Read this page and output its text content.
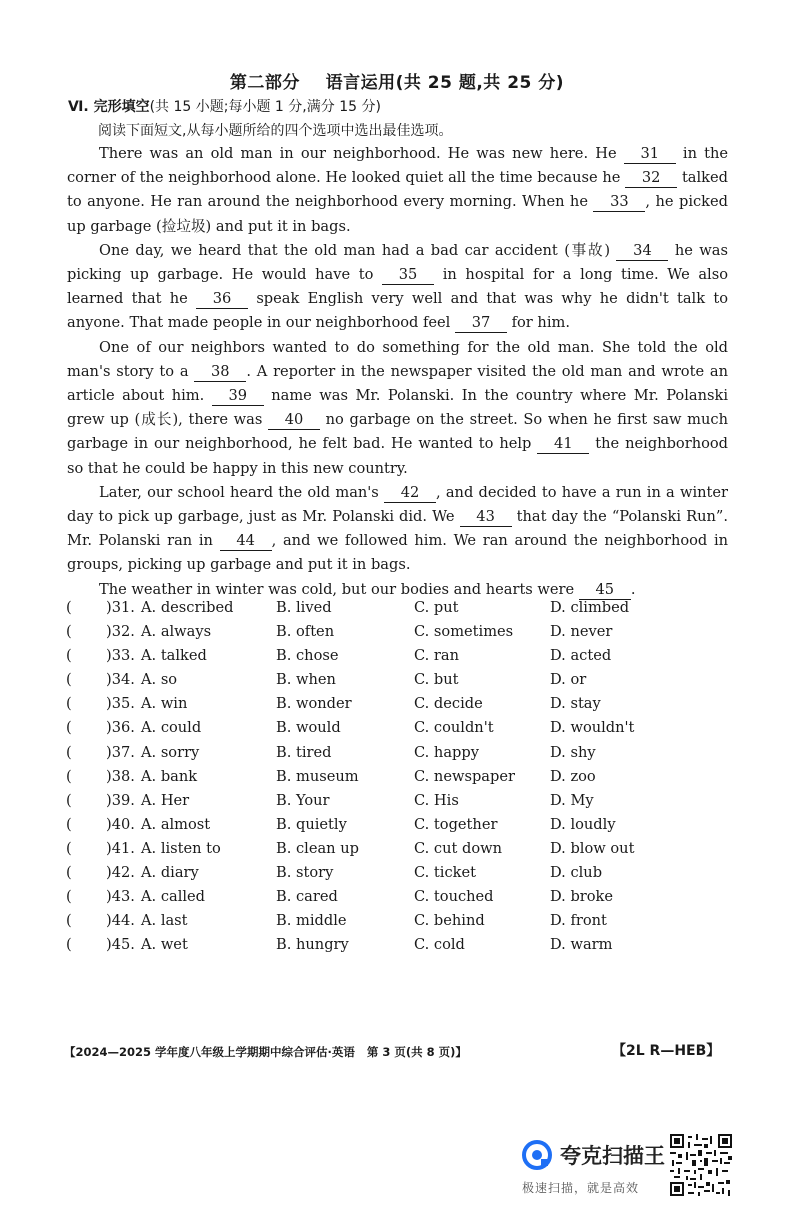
第二部分    语言运用(共 25 题,共 25 分)
Ⅵ. 完形填空(共 15 小题;每小题 1 分,满分 15 分)
阅读下面短文,从每小题所给的四个选项中选出最佳选项。

There was an old man in our neighborhood. He was new here. He 31 in the corner of the neighborhood alone. He looked quiet all the time because he 32 talked to anyone. He ran around the neighborhood every morning. When he 33 , he picked up garbage (捡垃圾) and put it in bags.

One day, we heard that the old man had a bad car accident (事故) 34 he was picking up garbage. He would have to 35 in hospital for a long time. We also learned that he 36 speak English very well and that was why he didn't talk to anyone. That made people in our neighborhood feel 37 for him.

One of our neighbors wanted to do something for the old man. She told the old man's story to a 38 . A reporter in the newspaper visited the old man and wrote an article about him. 39 name was Mr. Polanski. In the country where Mr. Polanski grew up (成长), there was 40 no garbage on the street. So when he first saw much garbage in our neighborhood, he felt bad. He wanted to help 41 the neighborhood so that he could be happy in this new country.

Later, our school heard the old man's 42 , and decided to have a run in a winter day to pick up garbage, just as Mr. Polanski did. We 43 that day the “Polanski Run”. Mr. Polanski ran in 44 , and we followed him. We ran around the neighborhood in groups, picking up garbage and put it in bags.

The weather in winter was cold, but our bodies and hearts were 45 .

( )31. A. described	B. lived	C. put	D. climbed
( )32. A. always	B. often	C. sometimes	D. never
( )33. A. talked	B. chose	C. ran	D. acted
( )34. A. so	B. when	C. but	D. or
( )35. A. win	B. wonder	C. decide	D. stay
( )36. A. could	B. would	C. couldn't	D. wouldn't
( )37. A. sorry	B. tired	C. happy	D. shy
( )38. A. bank	B. museum	C. newspaper D. zoo
( )39. A. Her	B. Your	C. His	D. My
( )40. A. almost	B. quietly	C. together	D. loudly
( )41. A. listen to	B. clean up	C. cut down	D. blow out
( )42. A. diary	B. story	C. ticket	D. club
( )43. A. called	B. cared	C. touched	D. broke
( )44. A. last	B. middle	C. behind	D. front
( )45. A. wet	B. hungry	C. cold	D. warm
【2024—2025 学年度八年级上学期期中综合评估·英语   第 3 页(共 8 页)】	【2L R—HEB】
夸克扫描王
极速扫描，就是高效
